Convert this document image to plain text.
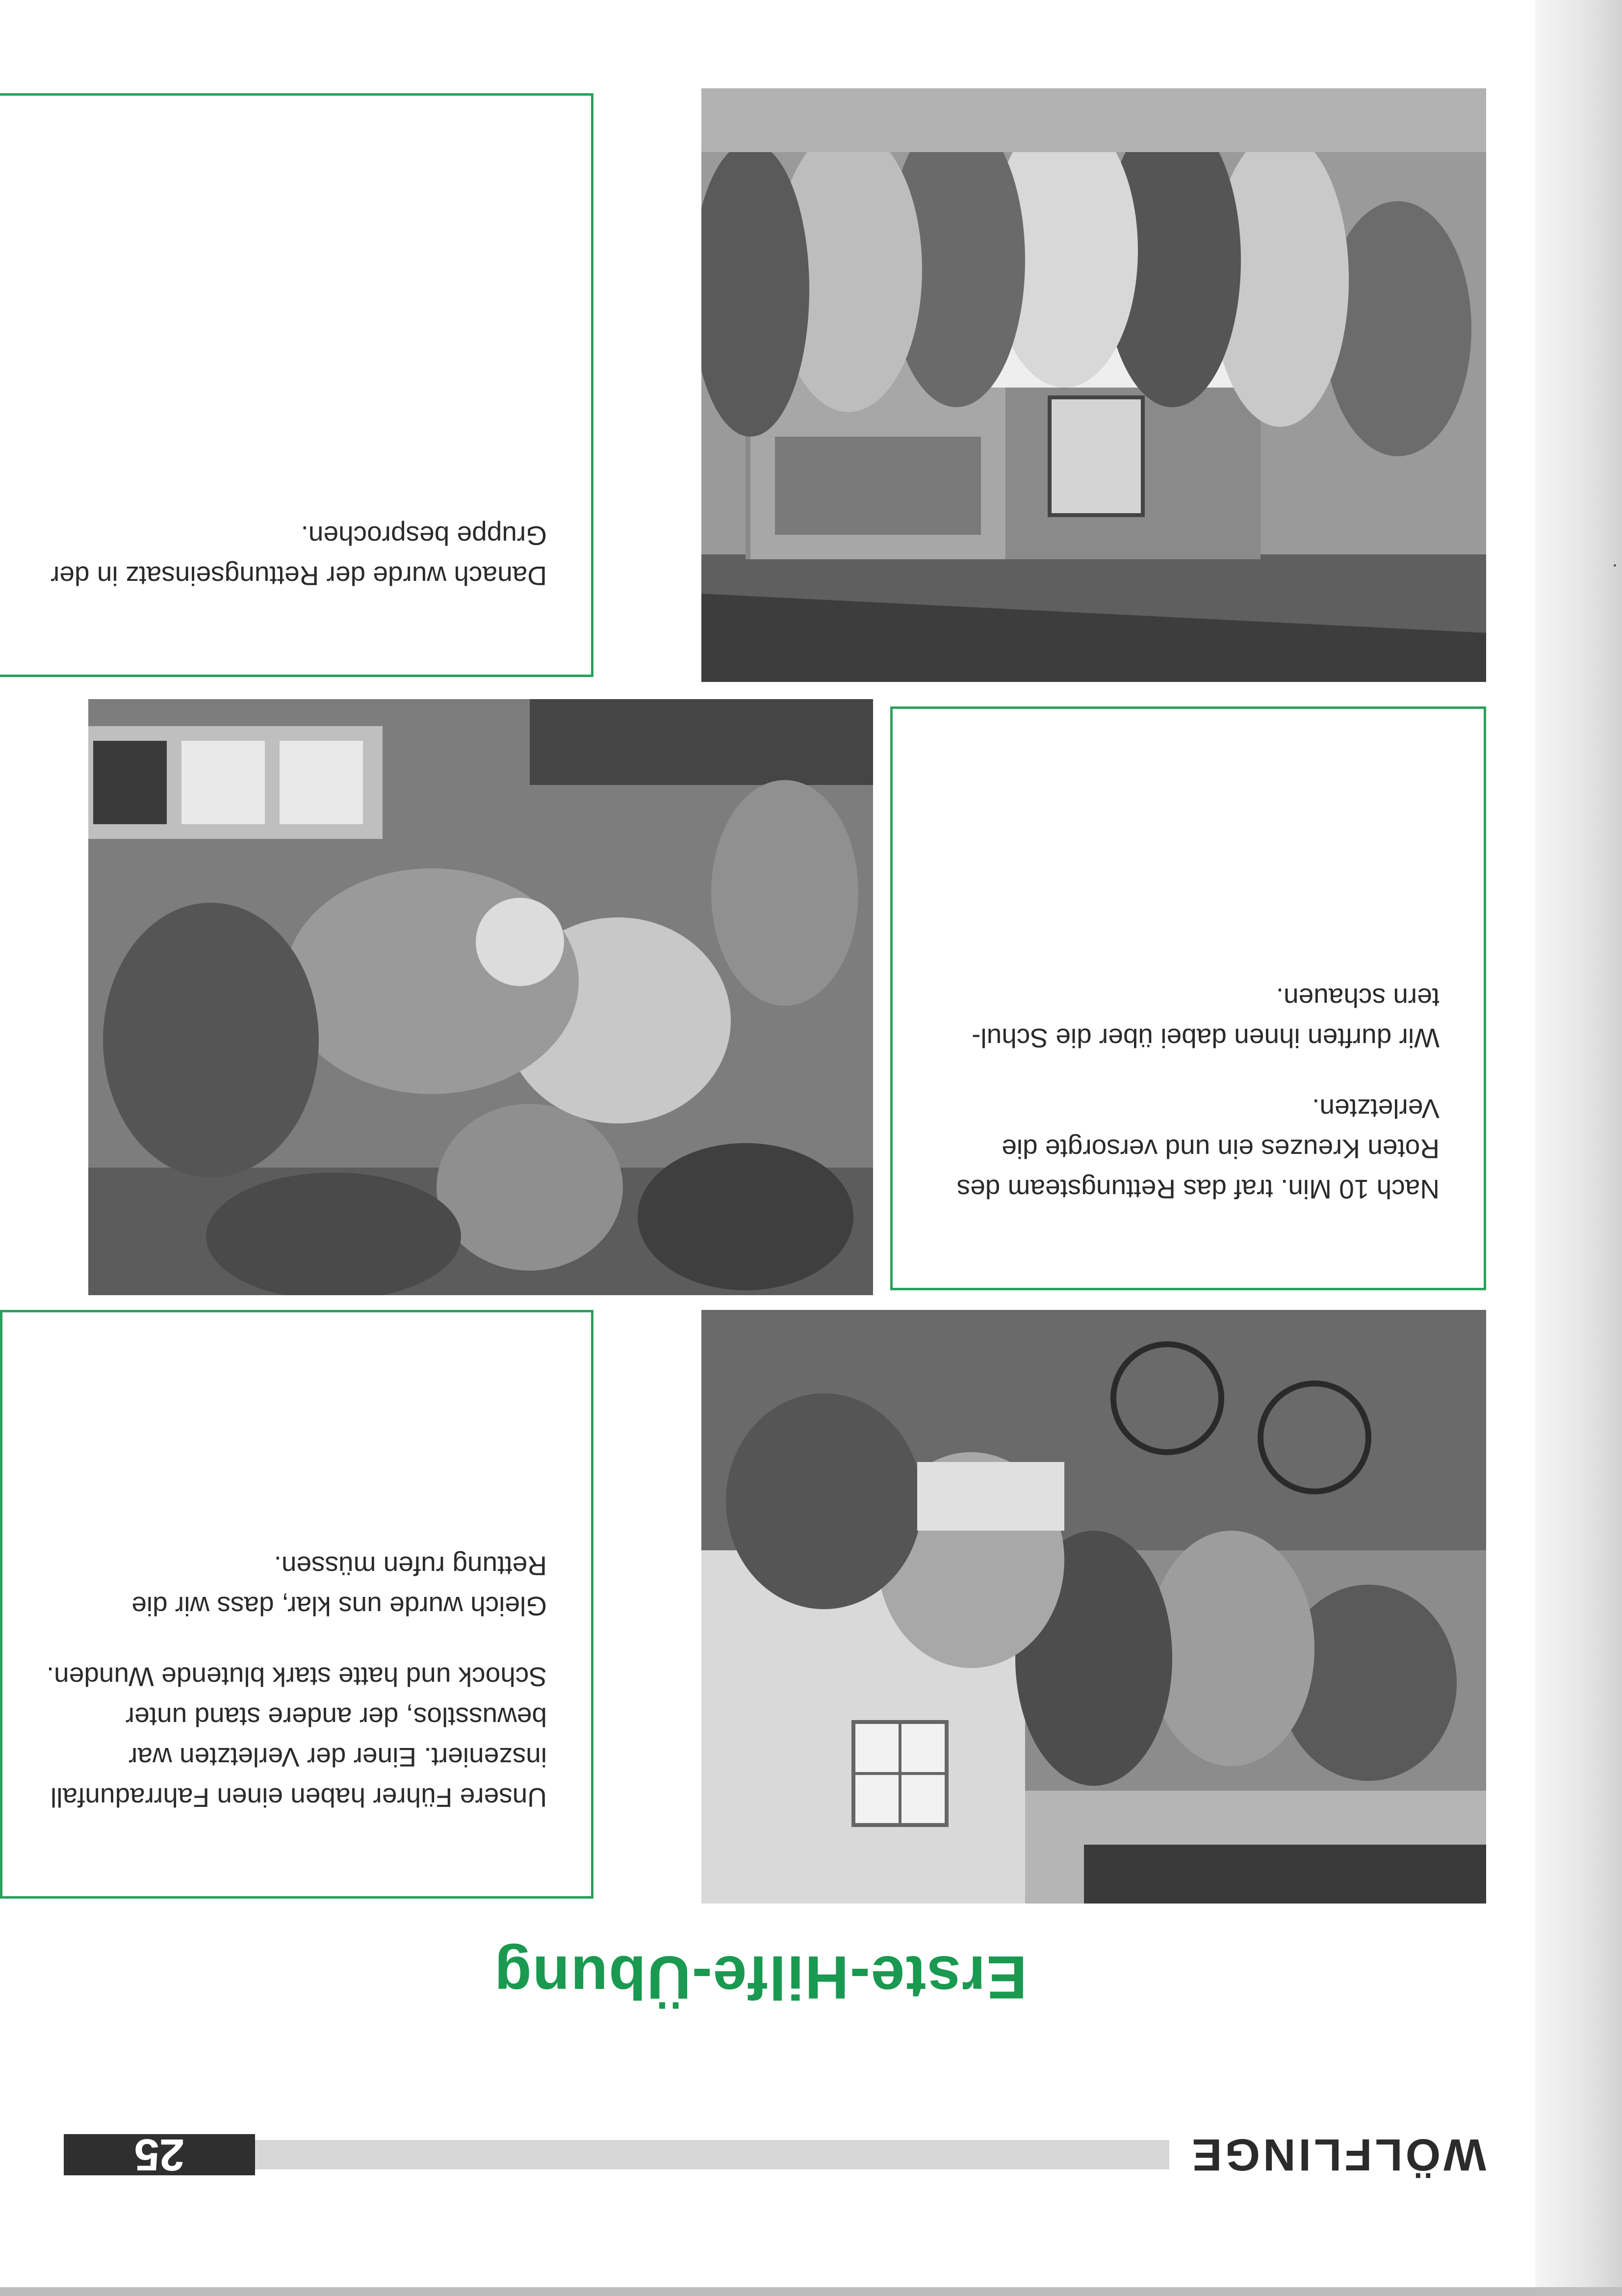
WÖLFLINGE
25
Erste-Hilfe-Übung

Unsere Führer haben einen Fahrradunfall inszeniert. Einer der Verletzten war bewusstlos, der andere stand unter Schock und hatte stark blutende Wunden.

Gleich wurde uns klar, dass wir die Rettung rufen müssen.

Nach 10 Min. traf das Rettungsteam des Roten Kreuzes ein und versorgte die Verletzten.

Wir durften ihnen dabei über die Schul-tern schauen.

Danach wurde der Rettungseinsatz in der Gruppe besprochen.
